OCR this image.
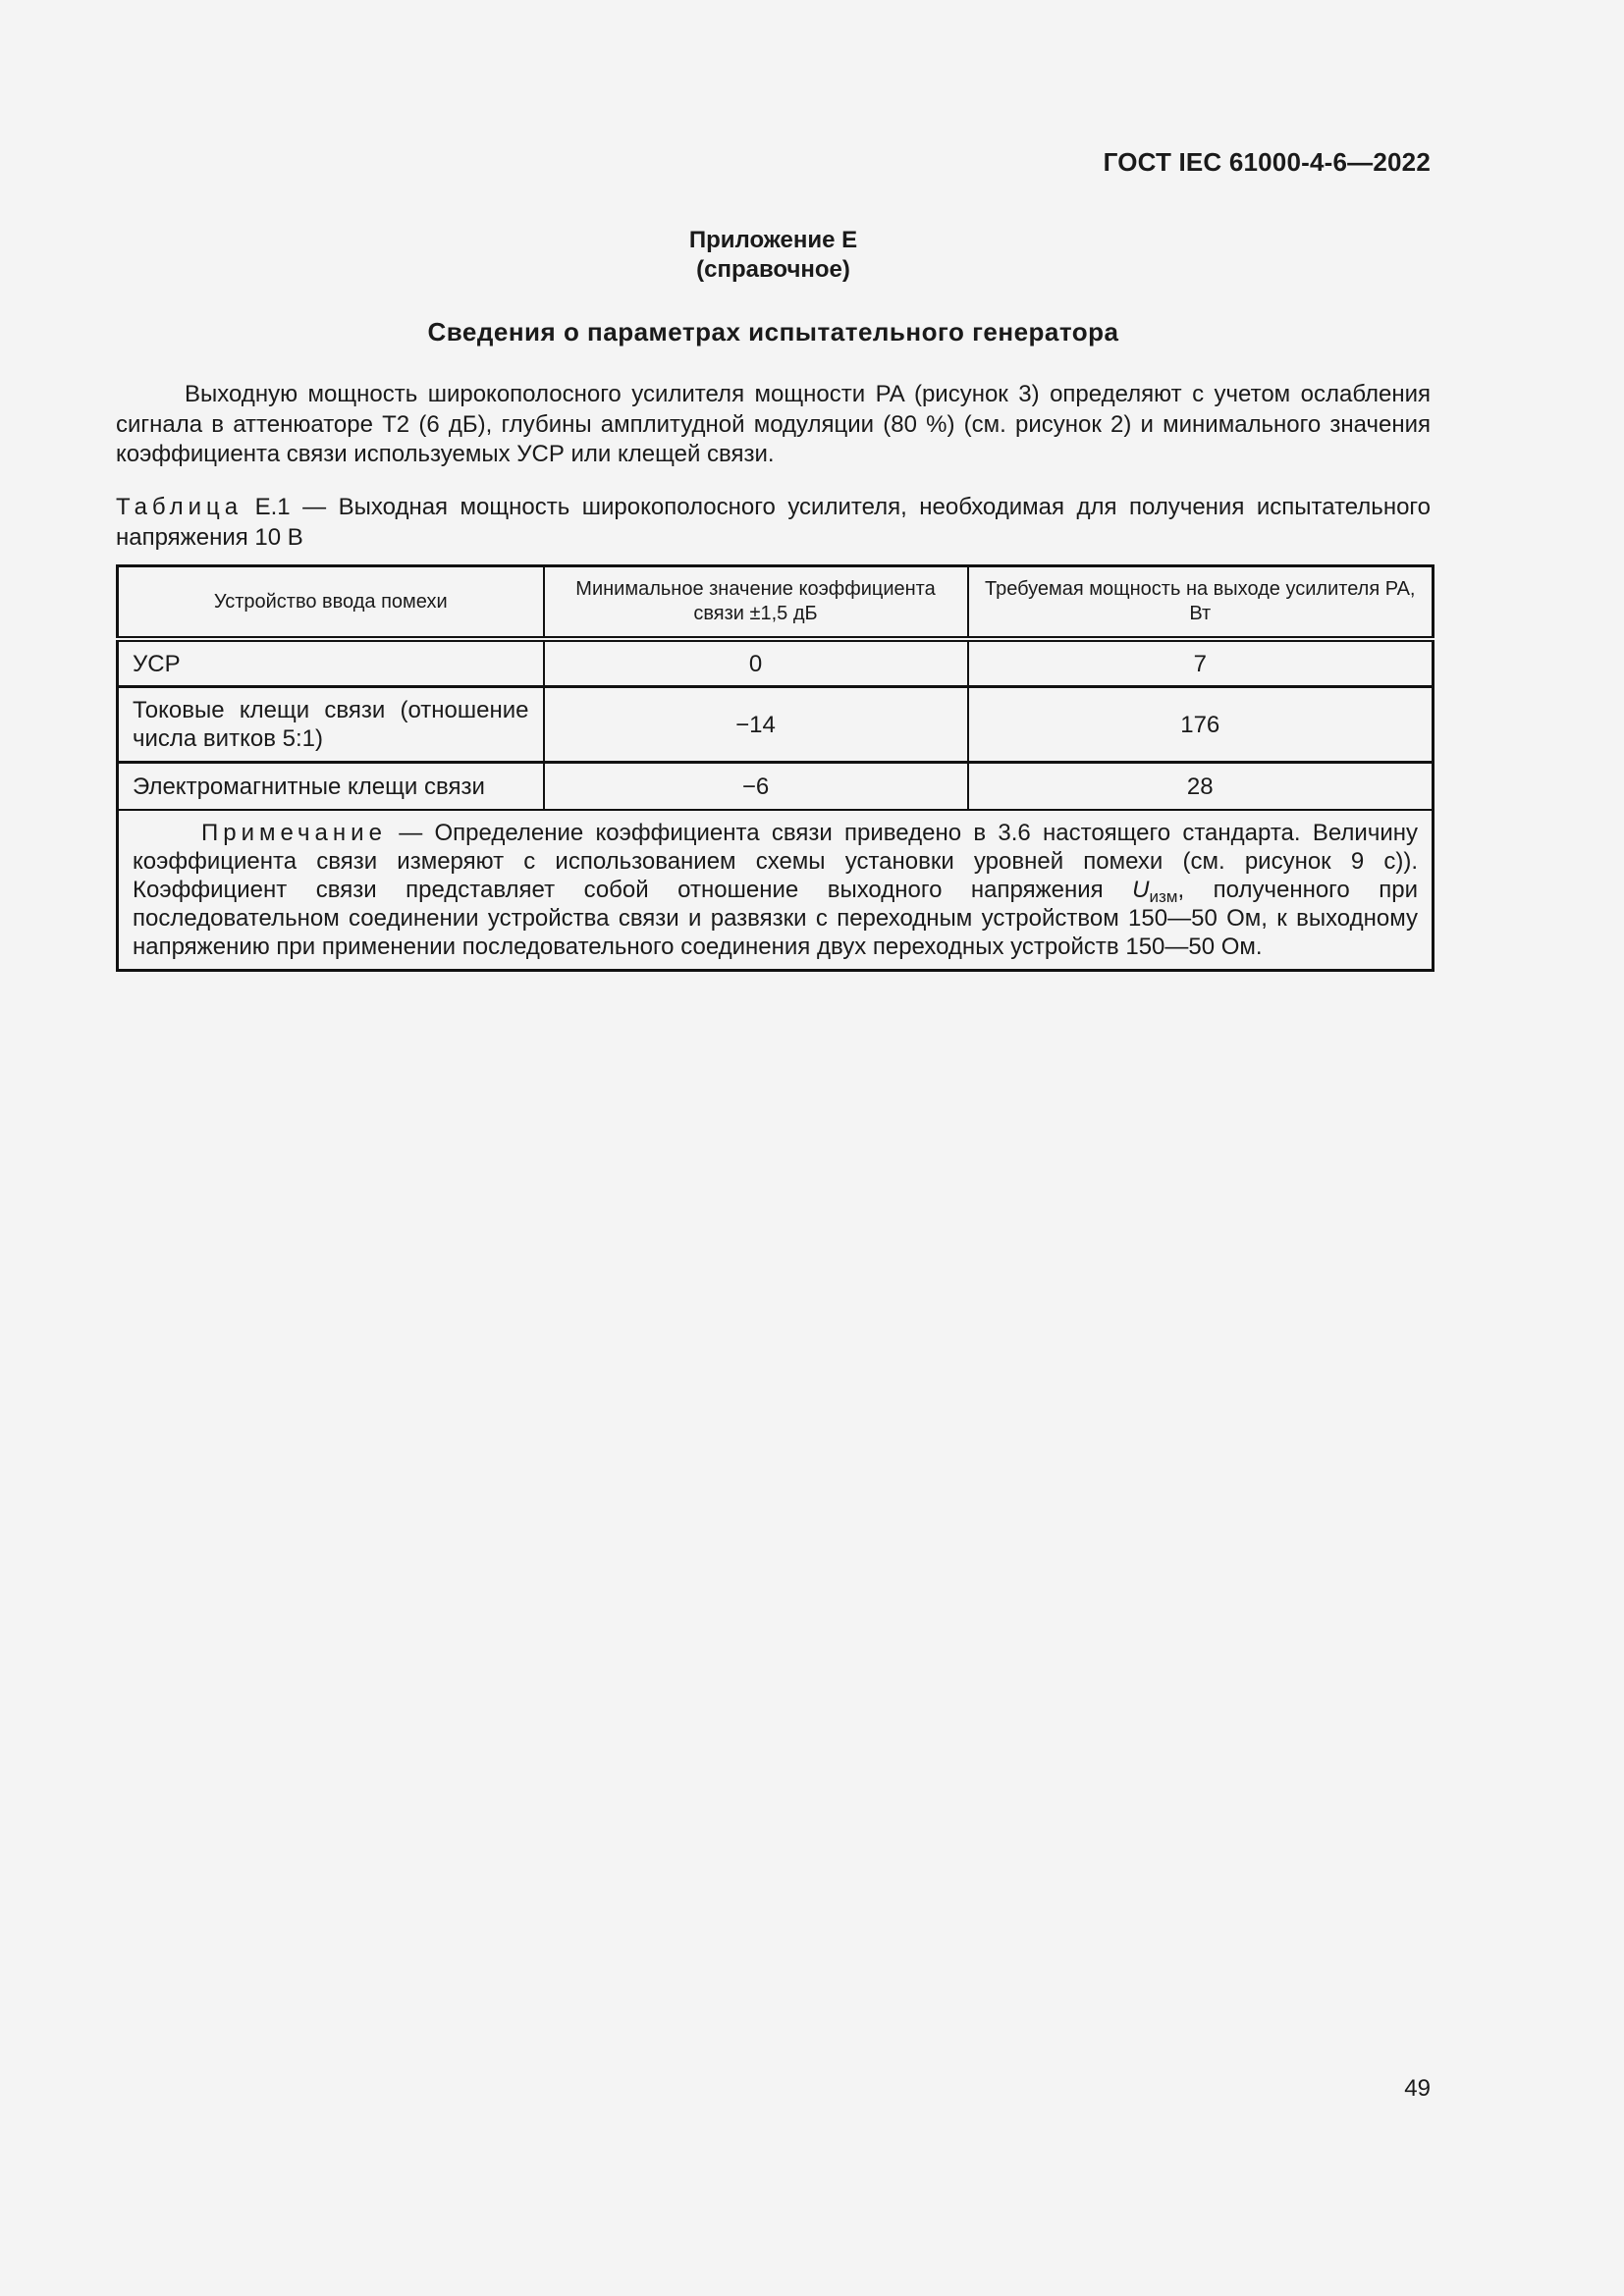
ГОСТ IEC 61000-4-6—2022
Приложение Е
(справочное)
Сведения о параметрах испытательного генератора

Выходную мощность широкополосного усилителя мощности PA (рисунок 3) определяют с учетом ослабления сигнала в аттенюаторе T2 (6 дБ), глубины амплитудной модуляции (80 %) (см. рисунок 2) и минимального значения коэффициента связи используемых УСР или клещей связи.

Таблица Е.1 — Выходная мощность широкополосного усилителя, необходимая для получения испытательного напряжения 10 В

Устройство ввода помехи	Минимальное значение коэффициента связи ±1,5 дБ	Требуемая мощность на выходе усилителя PA, Вт
УСР	0	7
Токовые клещи связи (отношение числа витков 5:1)	−14	176
Электромагнитные клещи связи	−6	28
Примечание — Определение коэффициента связи приведено в 3.6 настоящего стандарта. Величину коэффициента связи измеряют с использованием схемы установки уровней помехи (см. рисунок 9 c)). Коэффициент связи представляет собой отношение выходного напряжения $U_{изм}$, полученного при последовательном соединении устройства связи и развязки с переходным устройством 150—50 Ом, к выходному напряжению при применении последовательного соединения двух переходных устройств 150—50 Ом.		
49
